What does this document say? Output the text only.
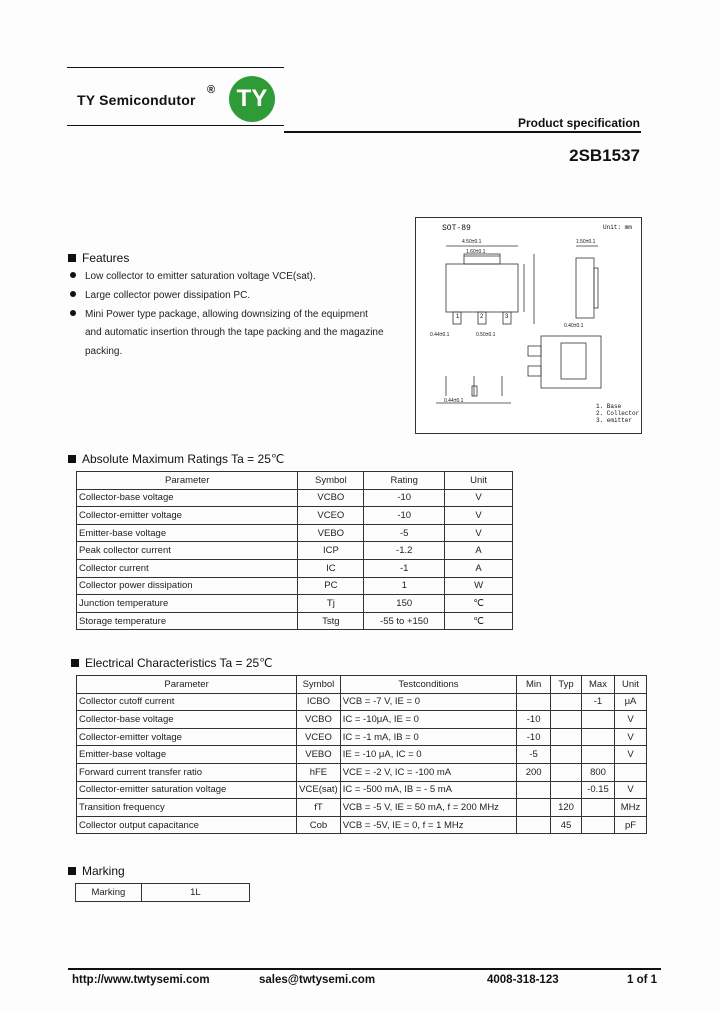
TY Semicondutor
® TY
Product specification
2SB1537
Features
Low collector to emitter saturation voltage VCE(sat).
Large collector power dissipation PC.
Mini Power type package, allowing downsizing of the equipment
and automatic insertion through the tape packing and the magazine
packing.
SOT-89	Unit: mm
4.50±0.1
1.60±0.1
1.50±0.1
0.44±0.1	0.50±0.1
0.40±0.1
0.44±0.1
1	2	3
1. Base
2. Collector
3. emitter
Absolute Maximum Ratings Ta = 25℃
Parameter	Symbol	Rating	Unit
Collector-base voltage	VCBO	-10	V
Collector-emitter voltage	VCEO	-10	V
Emitter-base voltage	VEBO	-5	V
Peak collector current	ICP	-1.2	A
Collector current	IC	-1	A
Collector power dissipation	PC	1	W
Junction temperature	Tj	150	℃
Storage temperature	Tstg	-55 to +150	℃
Electrical Characteristics Ta = 25℃
Parameter	Symbol	Testconditions	Min	Typ	Max	Unit
Collector cutoff current	ICBO	VCB = -7 V, IE = 0			-1	μA
Collector-base voltage	VCBO	IC = -10μA, IE = 0	-10			V
Collector-emitter voltage	VCEO	IC = -1 mA, IB = 0	-10			V
Emitter-base voltage	VEBO	IE = -10 μA, IC = 0	-5			V
Forward current transfer ratio	hFE	VCE = -2 V, IC = -100 mA	200		800	
Collector-emitter saturation voltage	VCE(sat)	IC = -500 mA, IB = - 5 mA			-0.15	V
Transition frequency	fT	VCB = -5 V, IE = 50 mA, f = 200 MHz		120		MHz
Collector output capacitance	Cob	VCB = -5V, IE = 0, f = 1 MHz		45		pF
Marking
Marking	1L
http://www.twtysemi.com	sales@twtysemi.com	4008-318-123	1 of 1
